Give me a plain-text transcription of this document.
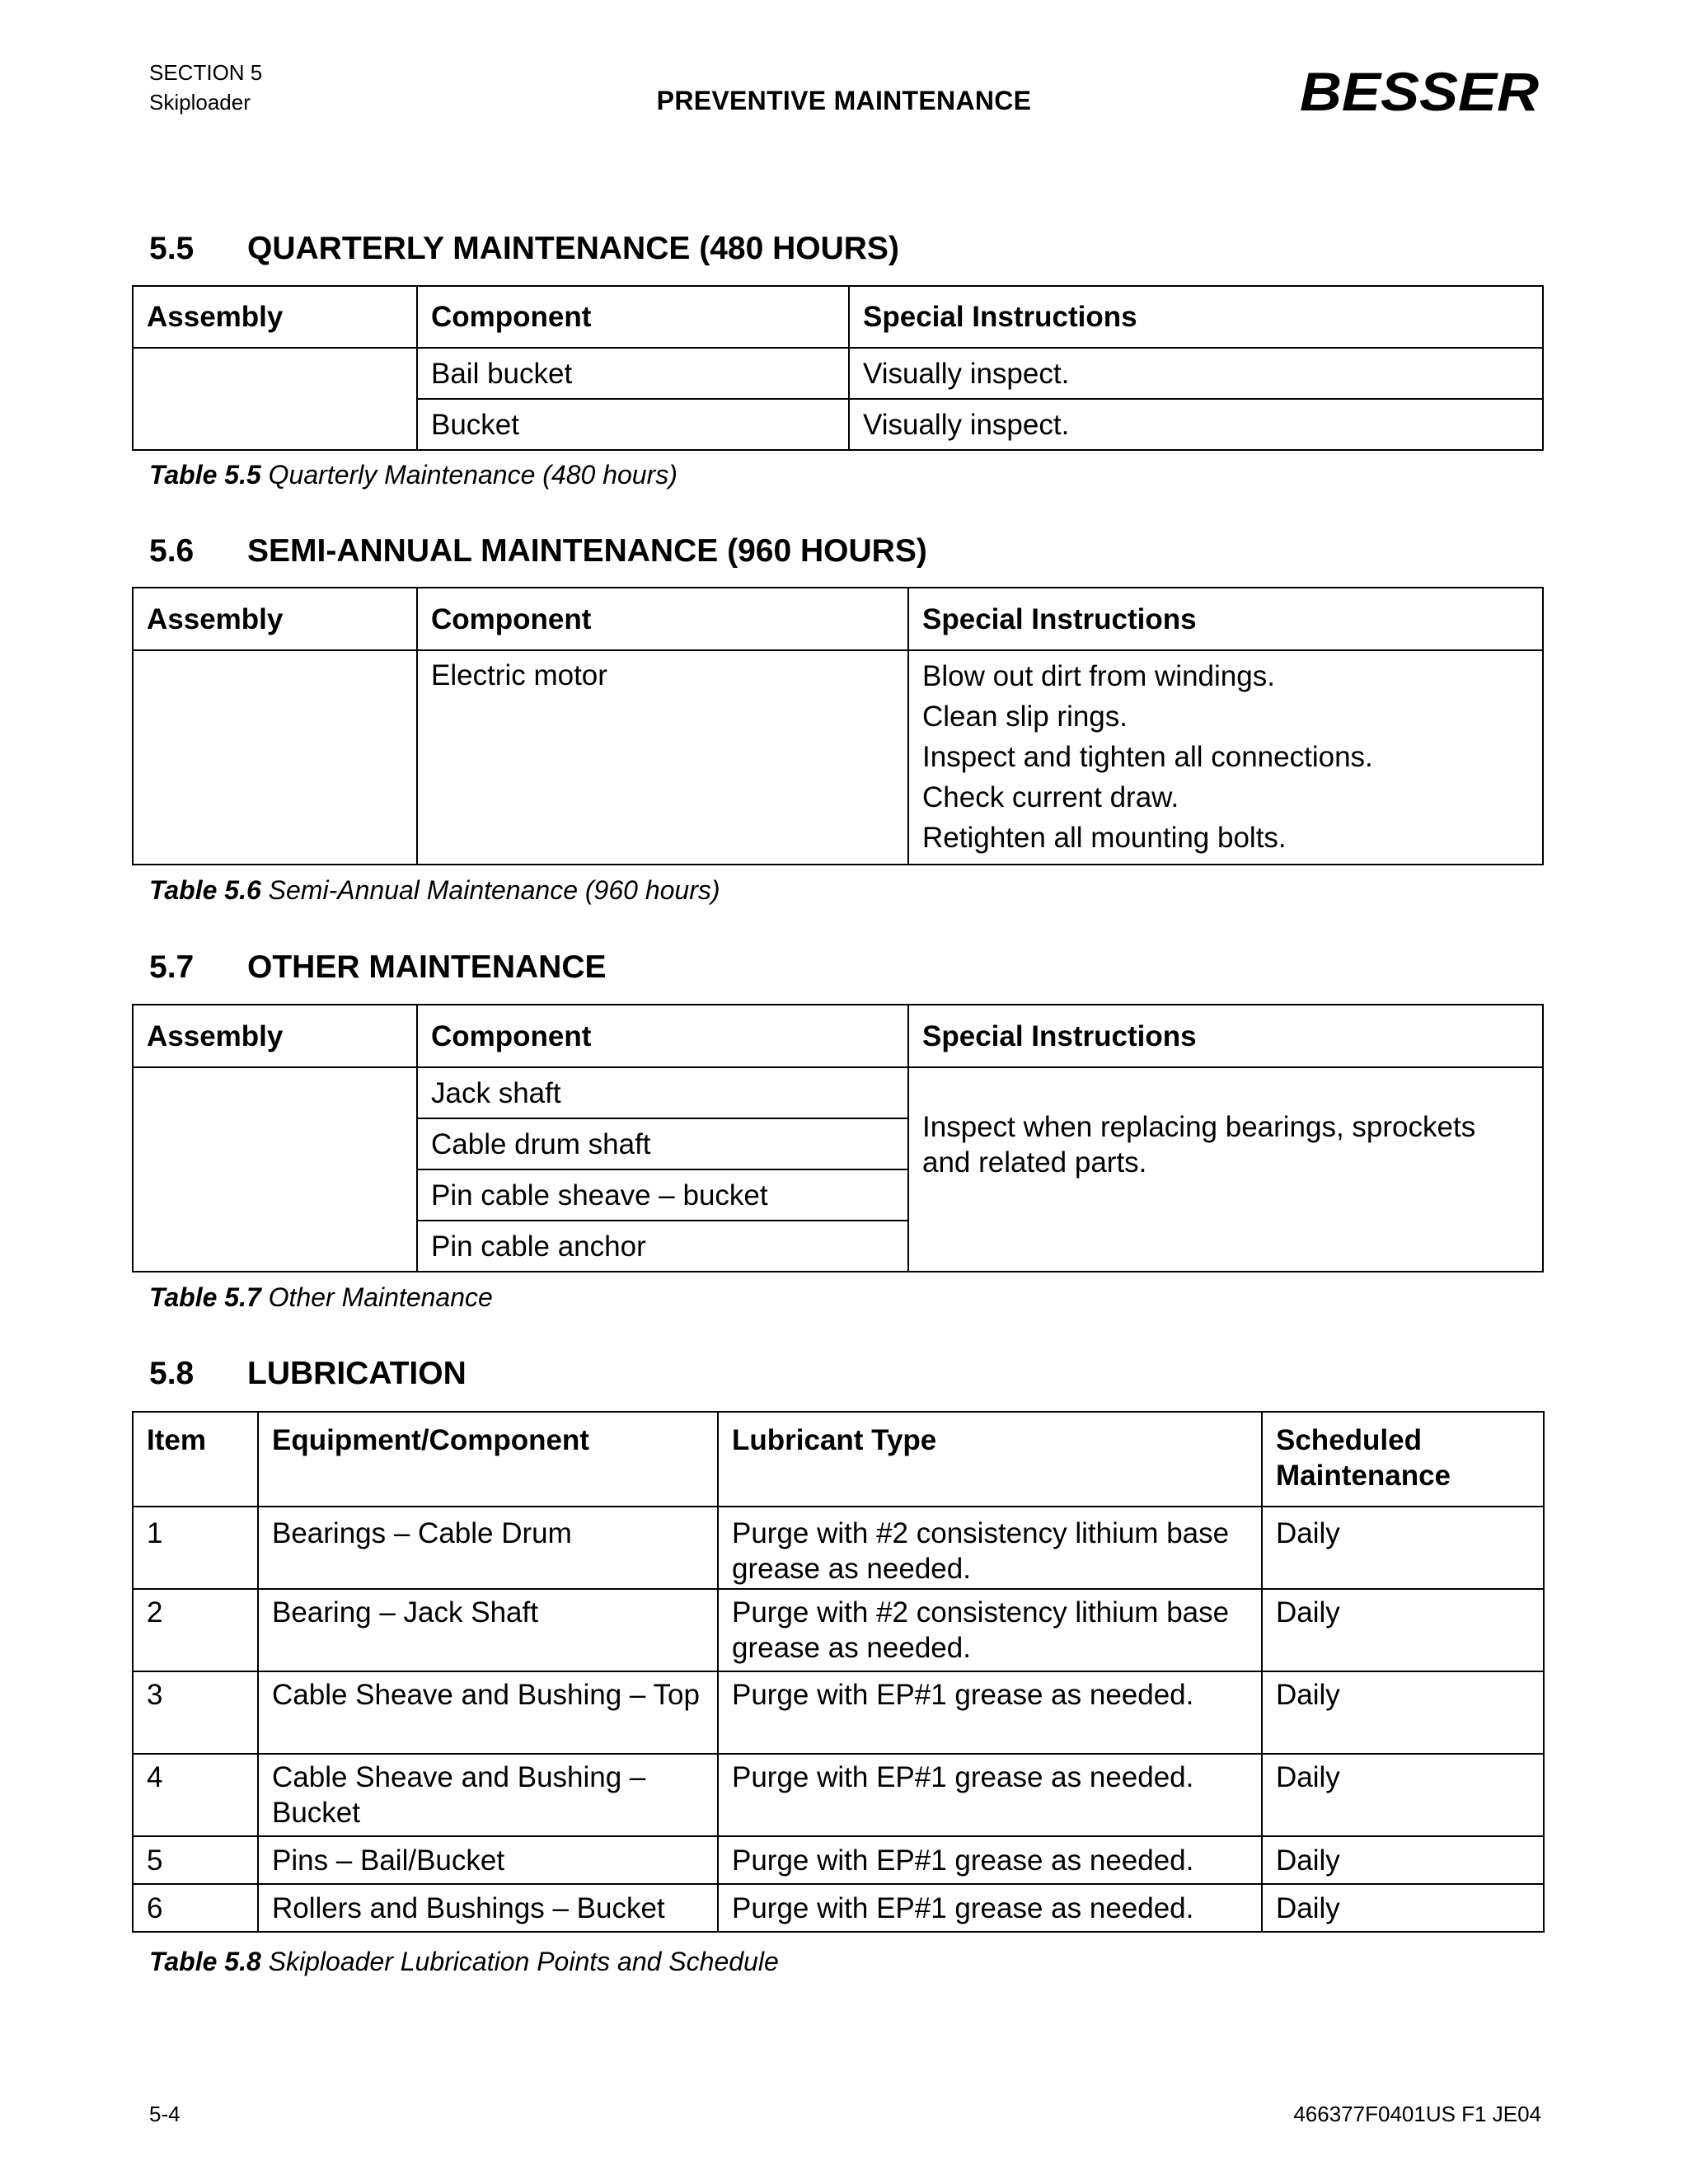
SECTION 5
Skiploader	PREVENTIVE MAINTENANCE	BESSER
5.5 QUARTERLY MAINTENANCE (480 HOURS)
Assembly	Component	Special Instructions
	Bail bucket	Visually inspect.
	Bucket	Visually inspect.
Table 5.5 Quarterly Maintenance (480 hours)
5.6 SEMI-ANNUAL MAINTENANCE (960 HOURS)
Assembly	Component	Special Instructions
	Electric motor	Blow out dirt from windings.
Clean slip rings.
Inspect and tighten all connections.
Check current draw.
Retighten all mounting bolts.
Table 5.6 Semi-Annual Maintenance (960 hours)
5.7 OTHER MAINTENANCE
Assembly	Component	Special Instructions
	Jack shaft	Inspect when replacing bearings, sprockets and related parts.
	Cable drum shaft	
	Pin cable sheave – bucket	
	Pin cable anchor	
Table 5.7 Other Maintenance
5.8 LUBRICATION
Item	Equipment/Component	Lubricant Type	Scheduled Maintenance
1	Bearings – Cable Drum	Purge with #2 consistency lithium base grease as needed.	Daily
2	Bearing – Jack Shaft	Purge with #2 consistency lithium base grease as needed.	Daily
3	Cable Sheave and Bushing – Top	Purge with EP#1 grease as needed.	Daily
4	Cable Sheave and Bushing – Bucket	Purge with EP#1 grease as needed.	Daily
5	Pins – Bail/Bucket	Purge with EP#1 grease as needed.	Daily
6	Rollers and Bushings – Bucket	Purge with EP#1 grease as needed.	Daily
Table 5.8 Skiploader Lubrication Points and Schedule
5-4	466377F0401US F1 JE04
